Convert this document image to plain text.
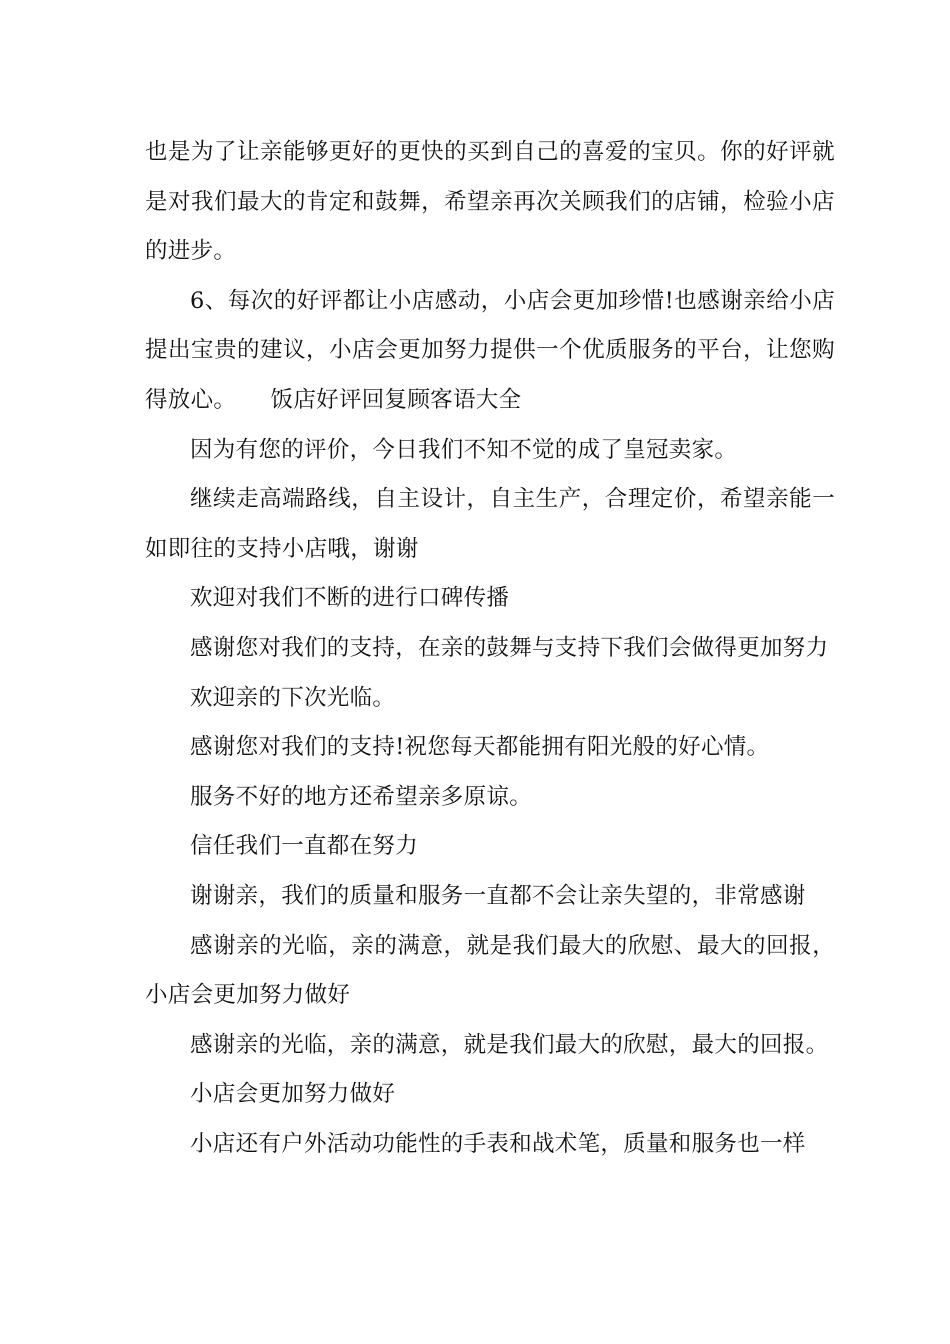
也是为了让亲能够更好的更快的买到自己的喜爱的宝贝。你的好评就是对我们最大的肯定和鼓舞，希望亲再次关顾我们的店铺，检验小店的进步。

6、每次的好评都让小店感动，小店会更加珍惜!也感谢亲给小店提出宝贵的建议，小店会更加努力提供一个优质服务的平台，让您购得放心。　　饭店好评回复顾客语大全

因为有您的评价，今日我们不知不觉的成了皇冠卖家。

继续走高端路线，自主设计，自主生产，合理定价，希望亲能一如即往的支持小店哦，谢谢

欢迎对我们不断的进行口碑传播

感谢您对我们的支持，在亲的鼓舞与支持下我们会做得更加努力

欢迎亲的下次光临。

感谢您对我们的支持!祝您每天都能拥有阳光般的好心情。

服务不好的地方还希望亲多原谅。

信任我们一直都在努力

谢谢亲，我们的质量和服务一直都不会让亲失望的，非常感谢

感谢亲的光临，亲的满意，就是我们最大的欣慰、最大的回报，小店会更加努力做好

感谢亲的光临，亲的满意，就是我们最大的欣慰，最大的回报。

小店会更加努力做好

小店还有户外活动功能性的手表和战术笔，质量和服务也一样
